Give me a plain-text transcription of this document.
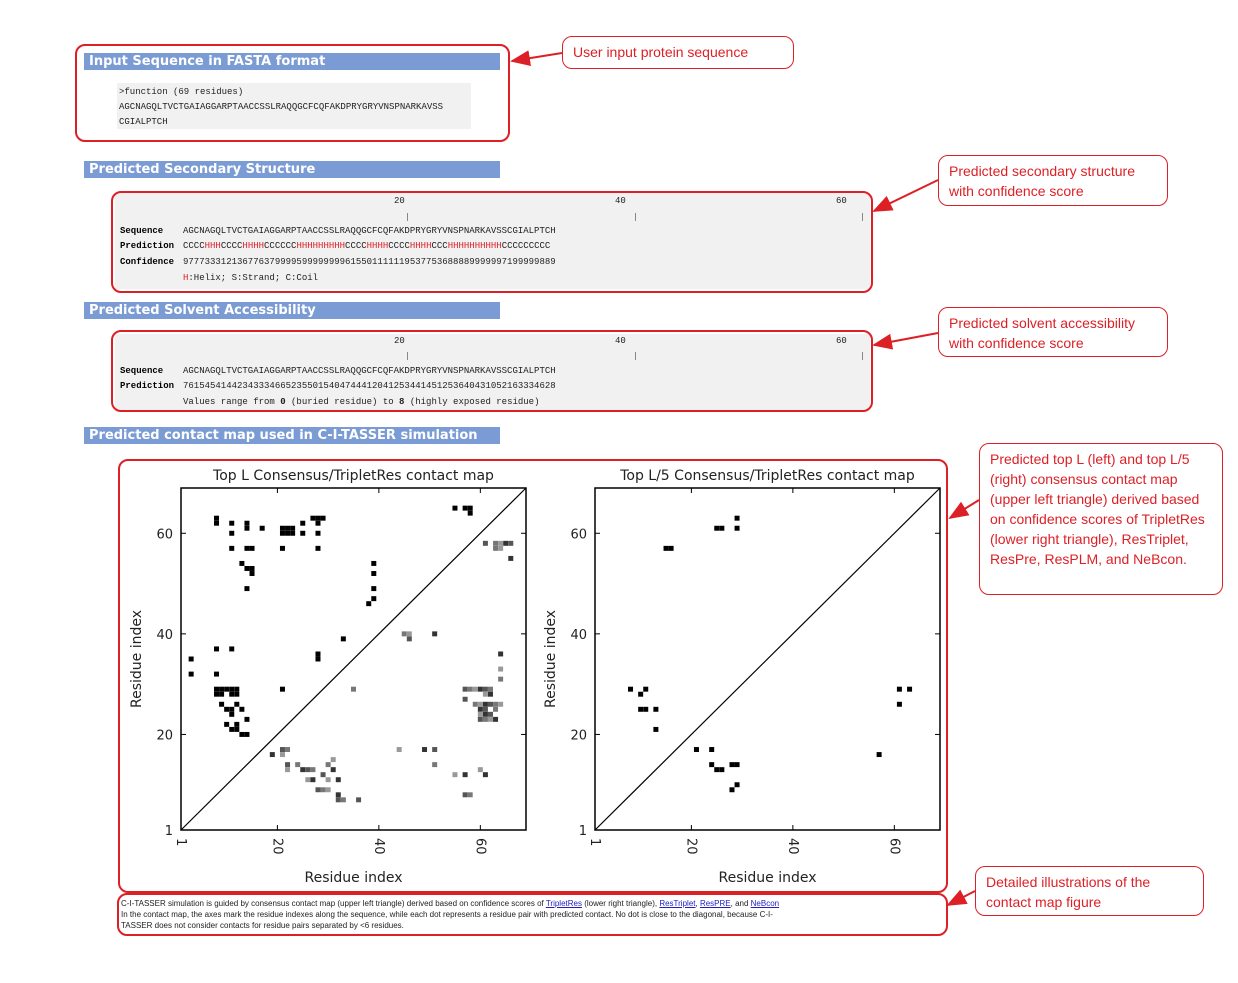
Input Sequence in FASTA format
>function (69 residues)
AGCNAGQLTVCTGAIAGGARPTAACCSSLRAQQGCFCQFAKDPRYGRYVNSPNARKAVSS
CGIALPTCH
Predicted Secondary Structure
20	40	60
Sequence AGCNAGQLTVCTGAIAGGARPTAACCSSLRAQQGCFCQFAKDPRYGRYVNSPNARKAVSSCGIALPTCH
Prediction CCCCHHHCCCCHHHHCCCCCCHHHHHHHHHCCCCHHHHCCCCHHHHCCCHHHHHHHHHHCCCCCCCCC
Confidence 977733312136776379999599999999615501111119537753688889999997199999889
H:Helix; S:Strand; C:Coil
Predicted Solvent Accessibility
20	40	60
Sequence AGCNAGQLTVCTGAIAGGARPTAACCSSLRAQQGCFCQFAKDPRYGRYVNSPNARKAVSSCGIALPTCH
Prediction 761545414423433346652355015404744412041253441451253640431052163334628
Values range from 0 (buried residue) to 8 (highly exposed residue)
Predicted contact map used in C-I-TASSER simulation
Top L Consensus/TripletRes contact map
1
1
20
20
40
40
60
60
Residue index
Residue index
Top L/5 Consensus/TripletRes contact map
1
1
20
20
40
40
60
60
Residue index
Residue index
C-I-TASSER simulation is guided by consensus contact map (upper left triangle) derived based on confidence scores of TripletRes (lower right triangle), ResTriplet, ResPRE, and NeBcon
In the contact map, the axes mark the residue indexes along the sequence, while each dot represents a residue pair with predicted contact. No dot is close to the diagonal, because C-I-
TASSER does not consider contacts for residue pairs separated by <6 residues.
User input protein sequence
Predicted secondary structure with confidence score
Predicted solvent accessibility with confidence score
Predicted top L (left) and top L/5 (right) consensus contact map (upper left triangle) derived based on confidence scores of TripletRes (lower right triangle), ResTriplet, ResPre, ResPLM, and NeBcon.
Detailed illustrations of the contact map figure
